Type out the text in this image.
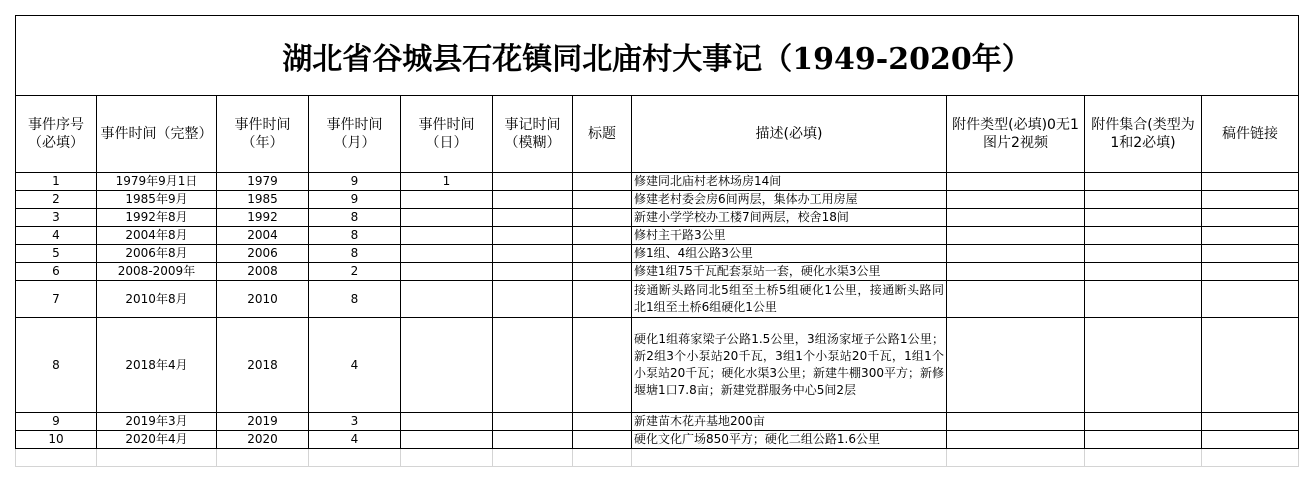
湖北省谷城县石花镇同北庙村大事记（1949-2020年）										
事件序号（必填）	事件时间（完整）	事件时间（年）	事件时间（月）	事件时间（日）	事记时间（模糊）	标题	描述(必填)	附件类型(必填)0无1图片2视频	附件集合(类型为1和2必填)	稿件链接
1	1979年9月1日	1979	9	1			修建同北庙村老林场房14间			
2	1985年9月	1985	9				修建老村委会房6间两层，集体办工用房屋			
3	1992年8月	1992	8				新建小学学校办工楼7间两层，校舍18间			
4	2004年8月	2004	8				修村主干路3公里			
5	2006年8月	2006	8				修1组、4组公路3公里			
6	2008-2009年	2008	2				修建1组75千瓦配套泵站一套，硬化水渠3公里			
7	2010年8月	2010	8				接通断头路同北5组至土桥5组硬化1公里，接通断头路同北1组至土桥6组硬化1公里			
8	2018年4月	2018	4				硬化1组蒋家梁子公路1.5公里，3组汤家垭子公路1公里；新2组3个小泵站20千瓦，3组1个小泵站20千瓦，1组1个小泵站20千瓦；硬化水渠3公里；新建牛棚300平方；新修堰塘1口7.8亩；新建党群服务中心5间2层			
9	2019年3月	2019	3				新建苗木花卉基地200亩			
10	2020年4月	2020	4				硬化文化广场850平方；硬化二组公路1.6公里			
